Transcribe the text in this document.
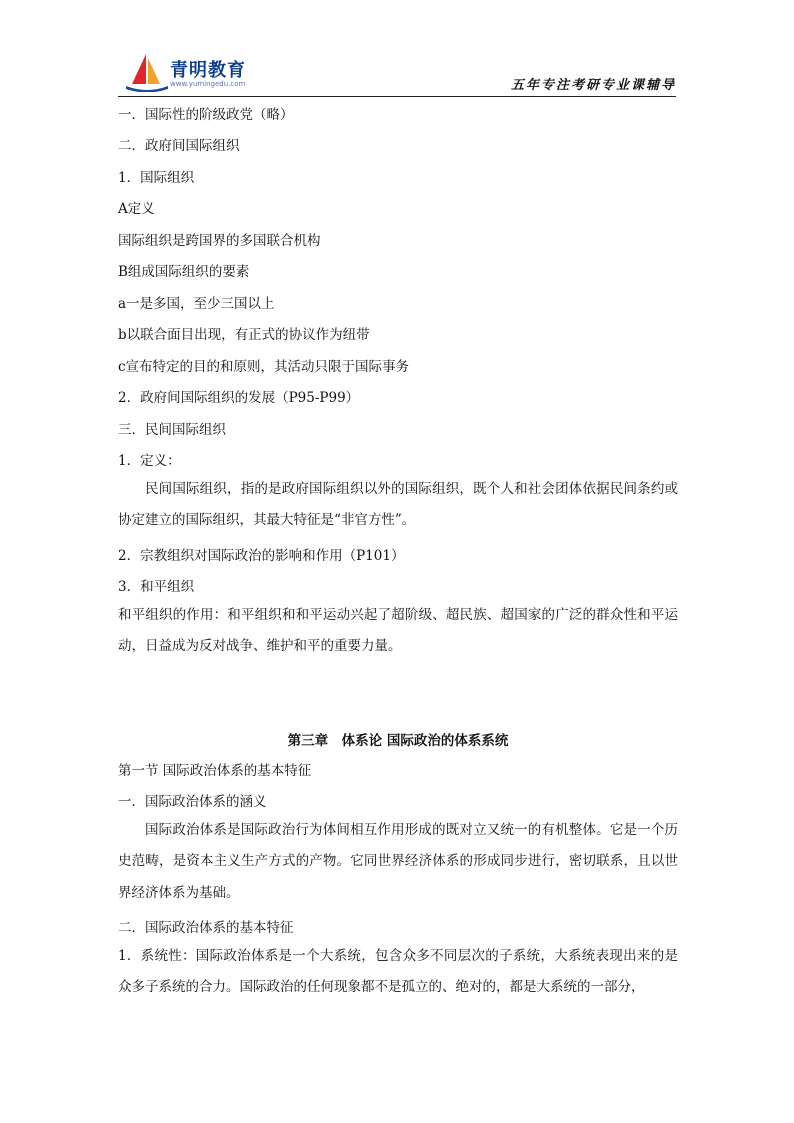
青明教育
www.yumingedu.com	五年专注考研专业课辅导
一．国际性的阶级政党（略）
二．政府间国际组织
1．国际组织
A定义
国际组织是跨国界的多国联合机构
B组成国际组织的要素
a一是多国，至少三国以上
b以联合面目出现，有正式的协议作为纽带
c宣布特定的目的和原则，其活动只限于国际事务
2．政府间国际组织的发展（P95-P99）
三．民间国际组织
1．定义：
民间国际组织，指的是政府国际组织以外的国际组织，既个人和社会团体依据民间条约或协定建立的国际组织，其最大特征是“非官方性”。
2．宗教组织对国际政治的影响和作用（P101）
3．和平组织
和平组织的作用：和平组织和和平运动兴起了超阶级、超民族、超国家的广泛的群众性和平运动，日益成为反对战争、维护和平的重要力量。
第三章　体系论 国际政治的体系系统
第一节 国际政治体系的基本特征
一．国际政治体系的涵义
国际政治体系是国际政治行为体间相互作用形成的既对立又统一的有机整体。它是一个历史范畴，是资本主义生产方式的产物。它同世界经济体系的形成同步进行，密切联系，且以世界经济体系为基础。
二．国际政治体系的基本特征
1．系统性：国际政治体系是一个大系统，包含众多不同层次的子系统，大系统表现出来的是众多子系统的合力。国际政治的任何现象都不是孤立的、绝对的，都是大系统的一部分，
